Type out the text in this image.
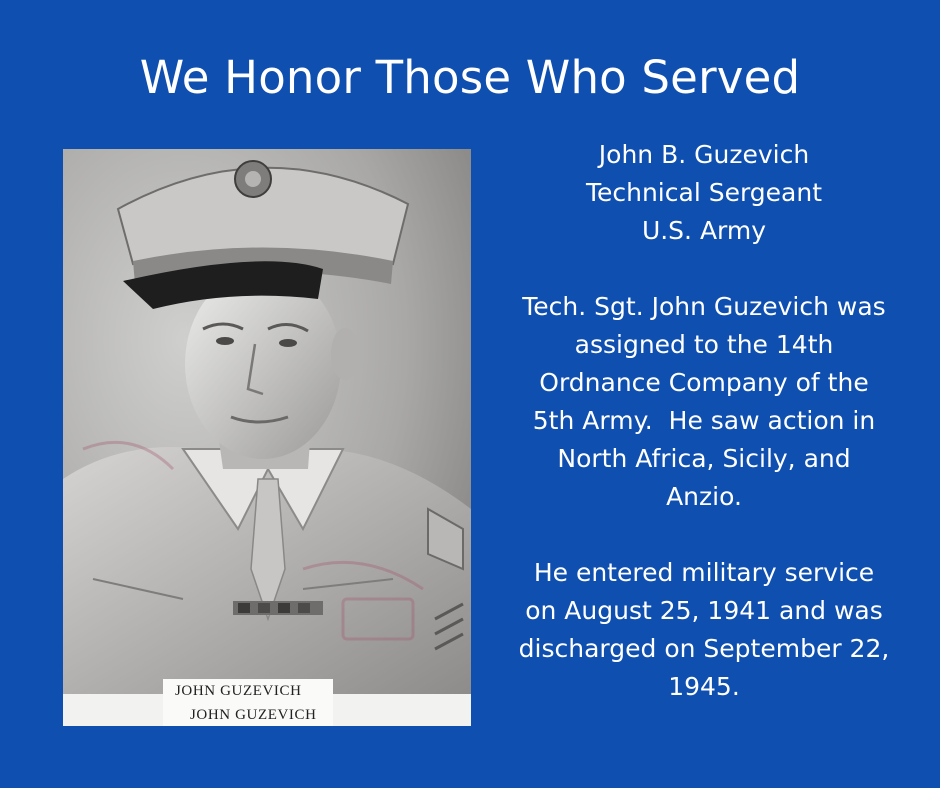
We Honor Those Who Served
JOHN GUZEVICH
JOHN GUZEVICH

John B. Guzevich

Technical Sergeant

U.S. Army

Tech. Sgt. John Guzevich was

assigned to the 14th

Ordnance Company of the

5th Army.  He saw action in

North Africa, Sicily, and

Anzio.

He entered military service

on August 25, 1941 and was

discharged on September 22,

1945.
